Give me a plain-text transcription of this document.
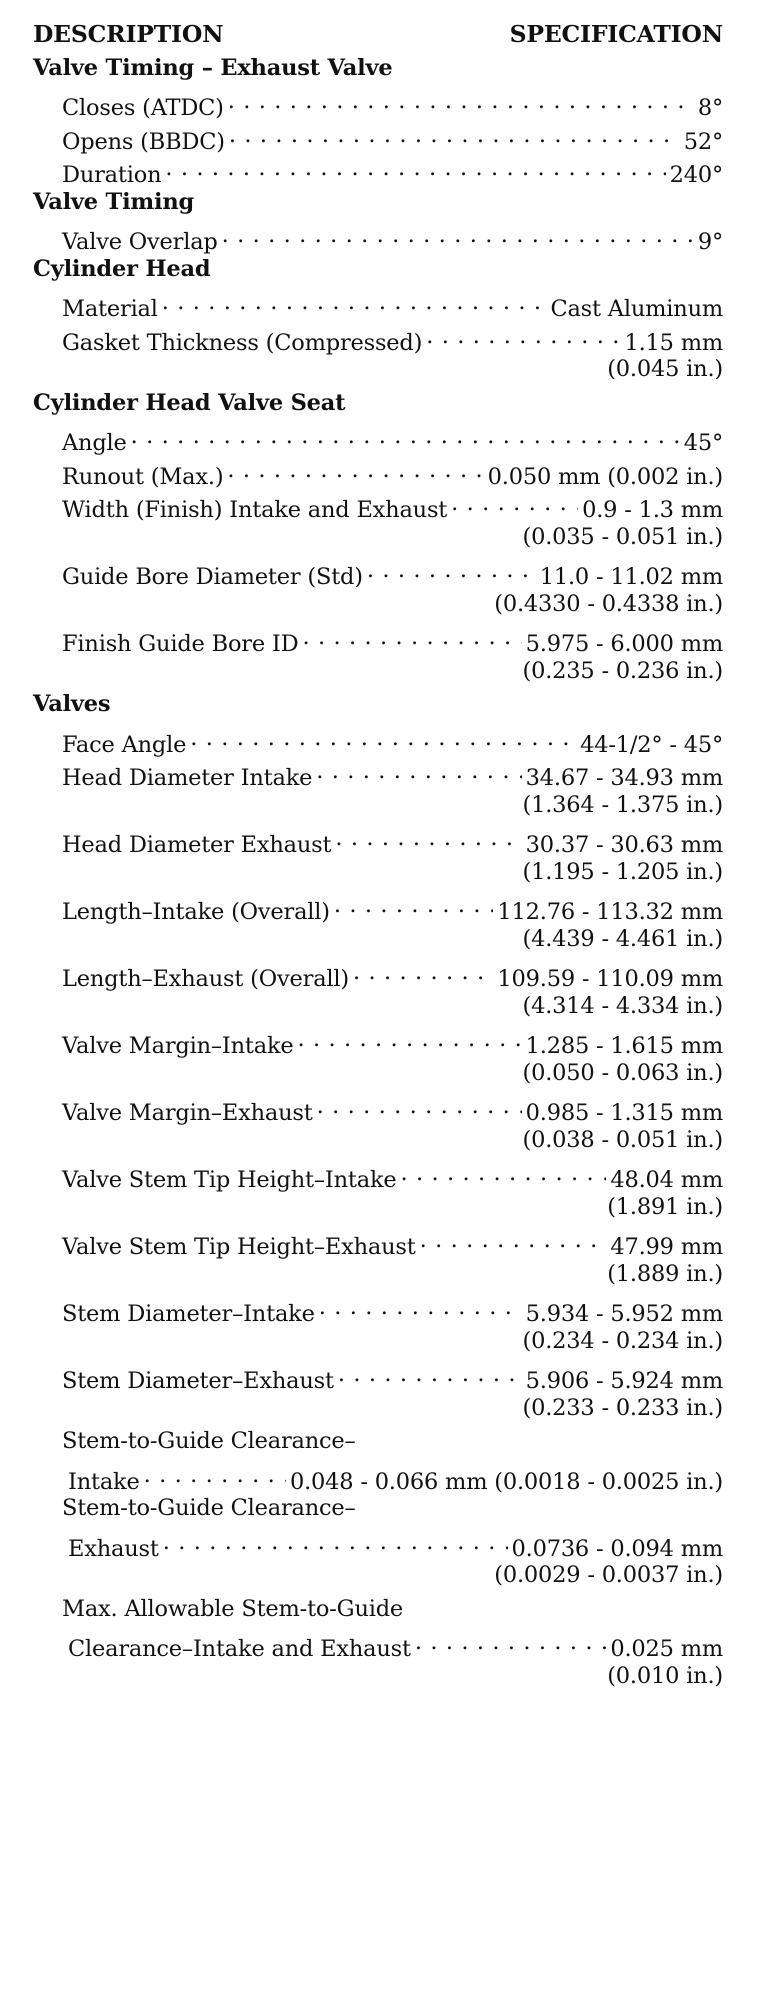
DESCRIPTION	SPECIFICATION
Valve Timing – Exhaust Valve
Closes (ATDC) . . .	8°
Opens (BBDC) . . .	52°
Duration . . .	240°
Valve Timing
Valve Overlap . . .	9°
Cylinder Head
Material . . .	Cast Aluminum
Gasket Thickness (Compressed) . . .	1.15 mm
(0.045 in.)
Cylinder Head Valve Seat
Angle . . .	45°
Runout (Max.) . . .	0.050 mm (0.002 in.)
Width (Finish) Intake and Exhaust . . .	0.9 - 1.3 mm
(0.035 - 0.051 in.)
Guide Bore Diameter (Std) . . .	11.0 - 11.02 mm
(0.4330 - 0.4338 in.)
Finish Guide Bore ID . . .	5.975 - 6.000 mm
(0.235 - 0.236 in.)
Valves
Face Angle . . .	44-1/2° - 45°
Head Diameter Intake . . .	34.67 - 34.93 mm
(1.364 - 1.375 in.)
Head Diameter Exhaust . . .	30.37 - 30.63 mm
(1.195 - 1.205 in.)
Length–Intake (Overall) . . .	112.76 - 113.32 mm
(4.439 - 4.461 in.)
Length–Exhaust (Overall) . . .	109.59 - 110.09 mm
(4.314 - 4.334 in.)
Valve Margin–Intake . . .	1.285 - 1.615 mm
(0.050 - 0.063 in.)
Valve Margin–Exhaust . . .	0.985 - 1.315 mm
(0.038 - 0.051 in.)
Valve Stem Tip Height–Intake . . .	48.04 mm
(1.891 in.)
Valve Stem Tip Height–Exhaust . . .	47.99 mm
(1.889 in.)
Stem Diameter–Intake . . .	5.934 - 5.952 mm
(0.234 - 0.234 in.)
Stem Diameter–Exhaust . . .	5.906 - 5.924 mm
(0.233 - 0.233 in.)
Stem-to-Guide Clearance–
Intake . . .	0.048 - 0.066 mm (0.0018 - 0.0025 in.)
Stem-to-Guide Clearance–
Exhaust . . .	0.0736 - 0.094 mm
(0.0029 - 0.0037 in.)
Max. Allowable Stem-to-Guide
Clearance–Intake and Exhaust . . .	0.025 mm
(0.010 in.)
